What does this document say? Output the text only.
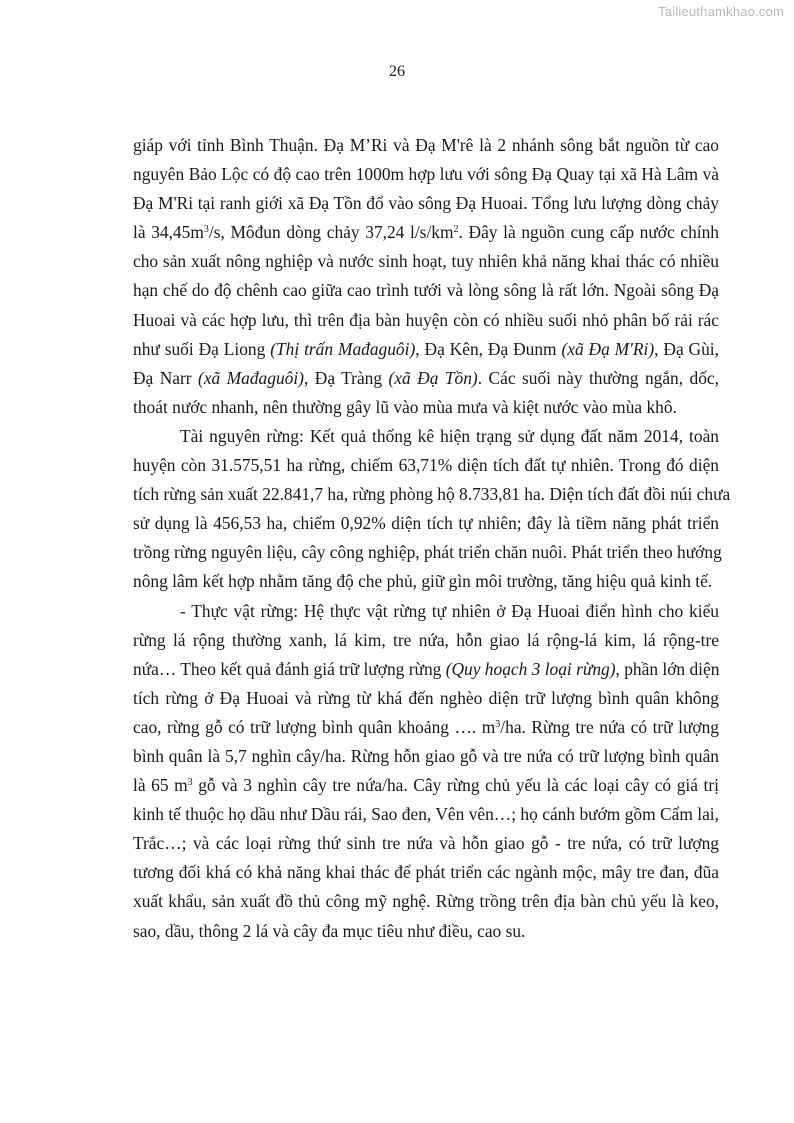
Tailieuthamkhao.com
26
giáp với tỉnh Bình Thuận. Đạ M’Ri và Đạ M'rê là 2 nhánh sông bắt nguồn từ cao
nguyên Bảo Lộc có độ cao trên 1000m hợp lưu với sông Đạ Quay tại xã Hà Lâm và
Đạ M'Ri tại ranh giới xã Đạ Tồn đổ vào sông Đạ Huoai. Tổng lưu lượng dòng chảy
là $34,45m^3/s$, Môđun dòng chảy 37,24 $l/s/km^2$. Đây là nguồn cung cấp nước chính
cho sản xuất nông nghiệp và nước sinh hoạt, tuy nhiên khả năng khai thác có nhiều
hạn chế do độ chênh cao giữa cao trình tưới và lòng sông là rất lớn. Ngoài sông Đạ
Huoai và các hợp lưu, thì trên địa bàn huyện còn có nhiều suối nhỏ phân bố rải rác
như suối Đạ Liong (Thị trấn Mađaguôi), Đạ Kên, Đạ Đunm (xã Đạ M'Ri), Đạ Gùi,
Đạ Narr (xã Mađaguôi), Đạ Tràng (xã Đạ Tồn). Các suối này thường ngắn, dốc,
thoát nước nhanh, nên thường gây lũ vào mùa mưa và kiệt nước vào mùa khô.
Tài nguyên rừng: Kết quả thống kê hiện trạng sử dụng đất năm 2014, toàn
huyện còn 31.575,51 ha rừng, chiếm 63,71% diện tích đất tự nhiên. Trong đó diện
tích rừng sản xuất 22.841,7 ha, rừng phòng hộ 8.733,81 ha. Diện tích đất đồi núi chưa
sử dụng là 456,53 ha, chiếm 0,92% diện tích tự nhiên; đây là tiềm năng phát triển
trồng rừng nguyên liệu, cây công nghiệp, phát triển chăn nuôi. Phát triển theo hướng
nông lâm kết hợp nhằm tăng độ che phủ, giữ gìn môi trường, tăng hiệu quả kinh tế.
- Thực vật rừng: Hệ thực vật rừng tự nhiên ở Đạ Huoai điển hình cho kiểu
rừng lá rộng thường xanh, lá kim, tre nứa, hỗn giao lá rộng-lá kim, lá rộng-tre
nứa… Theo kết quả đánh giá trữ lượng rừng (Quy hoạch 3 loại rừng), phần lớn diện
tích rừng ở Đạ Huoai và rừng từ khá đến nghèo diện trữ lượng bình quân không
cao, rừng gỗ có trữ lượng bình quân khoảng …. $m^3/ha$. Rừng tre nứa có trữ lượng
bình quân là 5,7 nghìn cây/ha. Rừng hỗn giao gỗ và tre nứa có trữ lượng bình quân
là 65 $m^3$ gỗ và 3 nghìn cây tre nứa/ha. Cây rừng chủ yếu là các loại cây có giá trị
kinh tế thuộc họ dầu như Dầu rái, Sao đen, Vên vên…; họ cánh bướm gồm Cẩm lai,
Trắc…; và các loại rừng thứ sinh tre nứa và hỗn giao gỗ - tre nứa, có trữ lượng
tương đối khá có khả năng khai thác để phát triển các ngành mộc, mây tre đan, đũa
xuất khẩu, sản xuất đồ thủ công mỹ nghệ. Rừng trồng trên địa bàn chủ yếu là keo,
sao, dầu, thông 2 lá và cây đa mục tiêu như điều, cao su.
